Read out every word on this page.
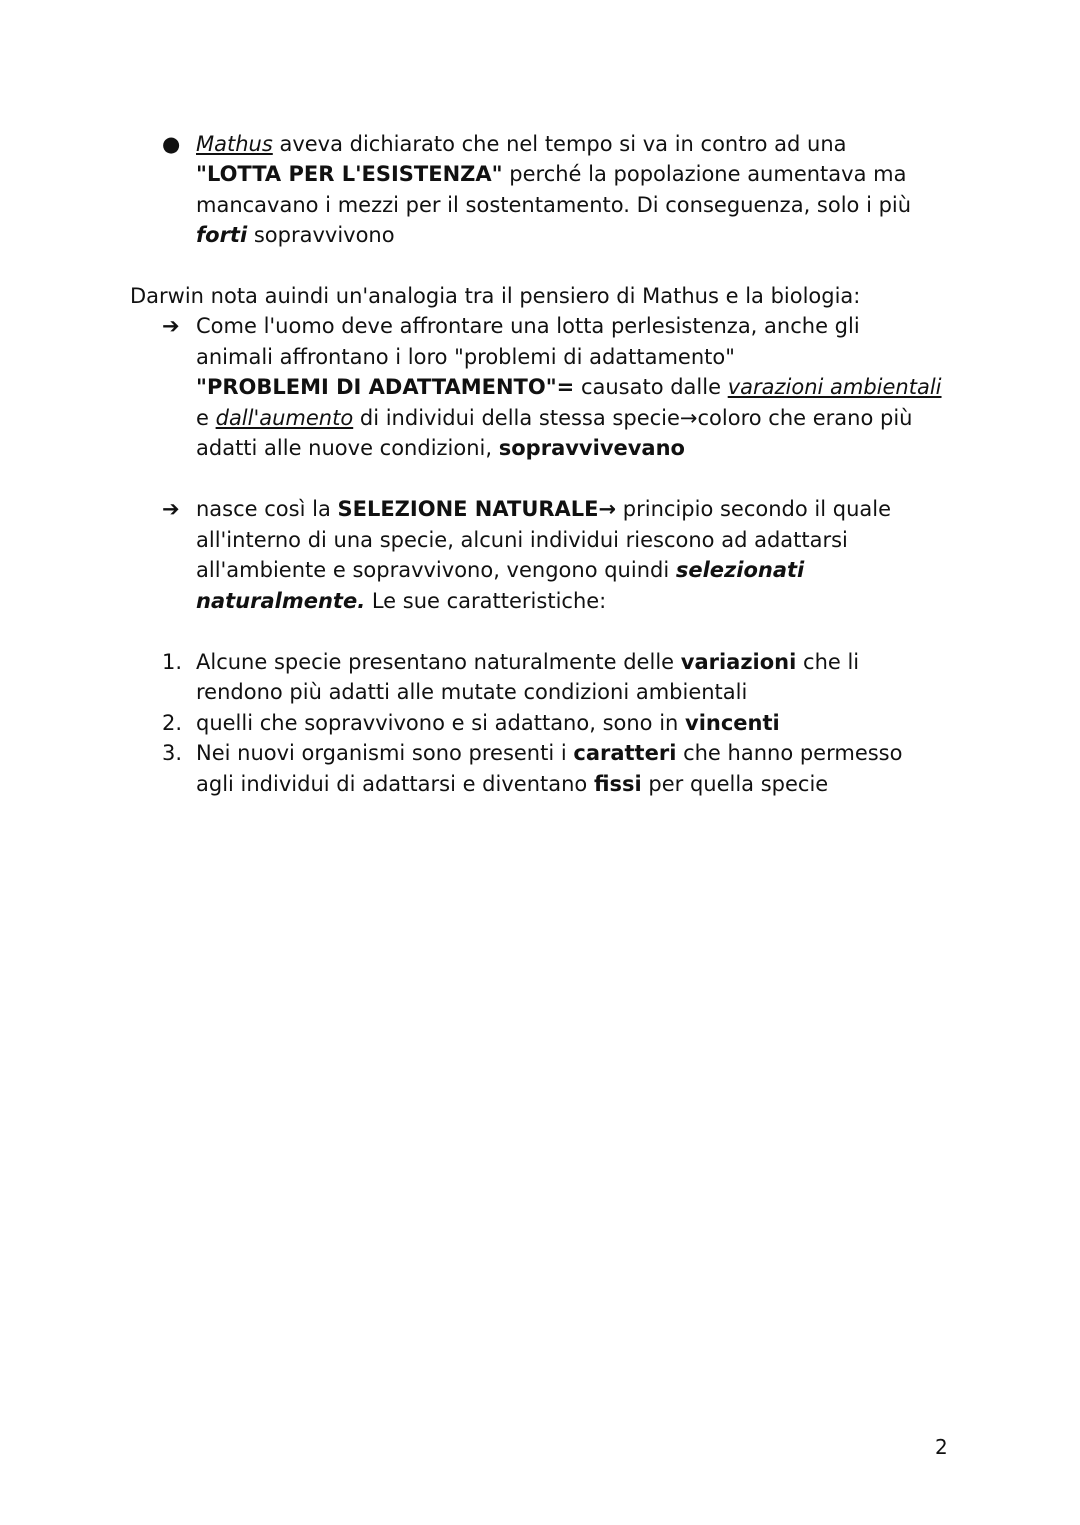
● Mathus aveva dichiarato che nel tempo si va in contro ad una
"LOTTA PER L'ESISTENZA" perché la popolazione aumentava ma
mancavano i mezzi per il sostentamento. Di conseguenza, solo i più
forti sopravvivono
Darwin nota auindi un'analogia tra il pensiero di Mathus e la biologia:
➔ Come l'uomo deve affrontare una lotta perlesistenza, anche gli
animali affrontano i loro "problemi di adattamento"
"PROBLEMI DI ADATTAMENTO"= causato dalle varazioni ambientali
e dall'aumento di individui della stessa specie→coloro che erano più
adatti alle nuove condizioni, sopravvivevano
➔ nasce così la SELEZIONE NATURALE→ principio secondo il quale
all'interno di una specie, alcuni individui riescono ad adattarsi
all'ambiente e sopravvivono, vengono quindi selezionati
naturalmente. Le sue caratteristiche:
1. Alcune specie presentano naturalmente delle variazioni che li
rendono più adatti alle mutate condizioni ambientali
2. quelli che sopravvivono e si adattano, sono in vincenti
3. Nei nuovi organismi sono presenti i caratteri che hanno permesso
agli individui di adattarsi e diventano fissi per quella specie
2
